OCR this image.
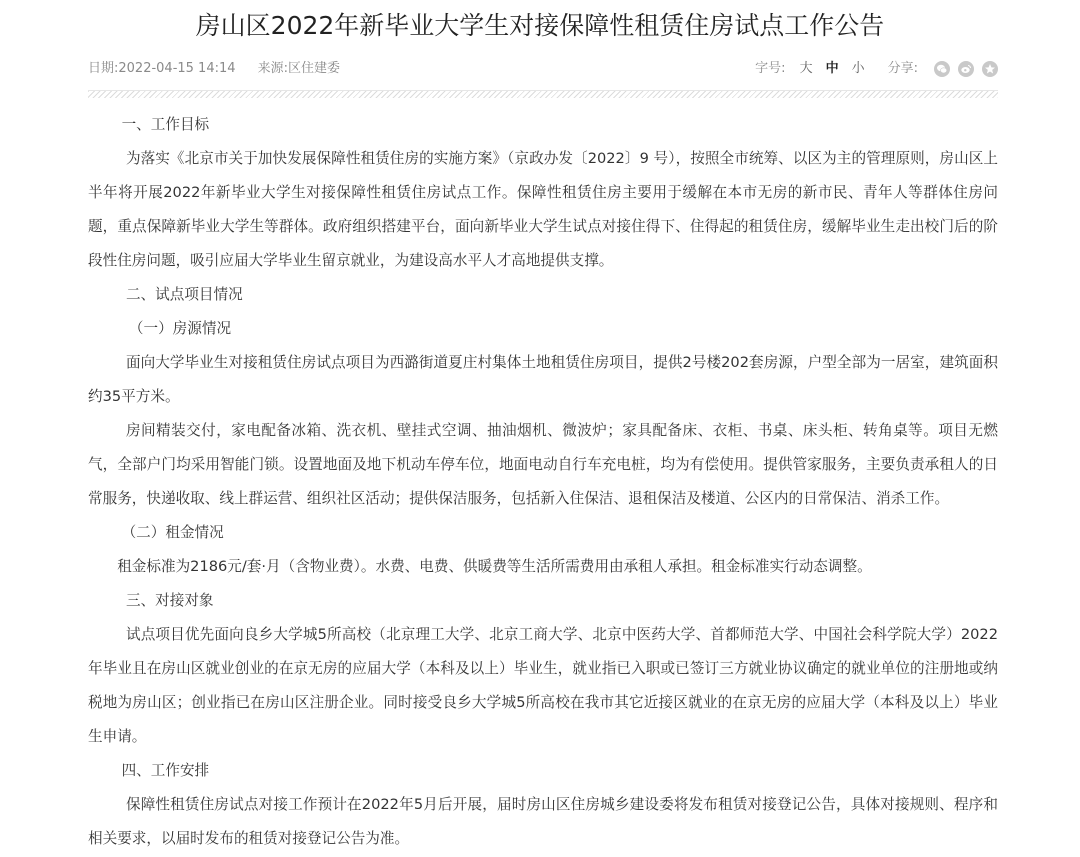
房山区2022年新毕业大学生对接保障性租赁住房试点工作公告
日期:2022-04-15 14:14 来源:区住建委	字号: 大 中 小 分享:

一、工作目标

为落实《北京市关于加快发展保障性租赁住房的实施方案》（京政办发〔2022〕9 号），按照全市统筹、以区为主的管理原则，房山区上半年将开展2022年新毕业大学生对接保障性租赁住房试点工作。保障性租赁住房主要用于缓解在本市无房的新市民、青年人等群体住房问题，重点保障新毕业大学生等群体。政府组织搭建平台，面向新毕业大学生试点对接住得下、住得起的租赁住房，缓解毕业生走出校门后的阶段性住房问题，吸引应届大学毕业生留京就业，为建设高水平人才高地提供支撑。

二、试点项目情况

（一）房源情况

面向大学毕业生对接租赁住房试点项目为西潞街道夏庄村集体土地租赁住房项目，提供2号楼202套房源，户型全部为一居室，建筑面积约35平方米。

房间精装交付，家电配备冰箱、洗衣机、壁挂式空调、抽油烟机、微波炉；家具配备床、衣柜、书桌、床头柜、转角桌等。项目无燃气，全部户门均采用智能门锁。设置地面及地下机动车停车位，地面电动自行车充电桩，均为有偿使用。提供管家服务，主要负责承租人的日常服务，快递收取、线上群运营、组织社区活动；提供保洁服务，包括新入住保洁、退租保洁及楼道、公区内的日常保洁、消杀工作。

（二）租金情况

租金标准为2186元/套·月（含物业费）。水费、电费、供暖费等生活所需费用由承租人承担。租金标准实行动态调整。

三、对接对象

试点项目优先面向良乡大学城5所高校（北京理工大学、北京工商大学、北京中医药大学、首都师范大学、中国社会科学院大学）2022年毕业且在房山区就业创业的在京无房的应届大学（本科及以上）毕业生，就业指已入职或已签订三方就业协议确定的就业单位的注册地或纳税地为房山区；创业指已在房山区注册企业。同时接受良乡大学城5所高校在我市其它近接区就业的在京无房的应届大学（本科及以上）毕业生申请。

四、工作安排

保障性租赁住房试点对接工作预计在2022年5月后开展，届时房山区住房城乡建设委将发布租赁对接登记公告，具体对接规则、程序和相关要求，以届时发布的租赁对接登记公告为准。
